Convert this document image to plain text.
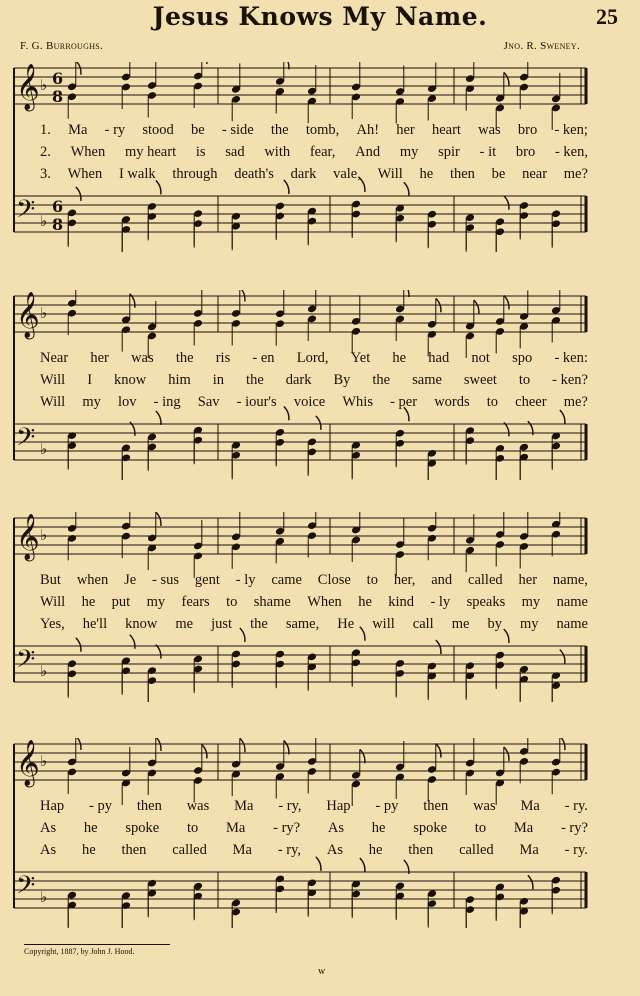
Jesus Knows My Name.	25
F. G. Burroughs.	Jno. R. Sweney.
𝄞 ♭ 6
8
𝄢 ♭
6
8
1. Ma - ry stood be - side the tomb, Ah! her heart was bro - ken;
2. When my heart is sad with fear, And my spir - it bro - ken,
3. When I walk through death's dark vale, Will he then be near me?
𝄞 ♭
𝄢 ♭
Near her was the ris - en Lord, Yet he had not spo - ken:
Will I know him in the dark By the same sweet to - ken?
Will my lov - ing Sav - iour's voice Whis - per words to cheer me?
𝄞 ♭
𝄢 ♭
But when Je - sus gent - ly came Close to her, and called her name,
Will he put my fears to shame When he kind - ly speaks my name
Yes, he'll know me just the same, He will call me by my name
𝄞 ♭
𝄢 ♭
Hap - py then was Ma - ry, Hap - py then was Ma - ry.
As he spoke to Ma - ry? As he spoke to Ma - ry?
As he then called Ma - ry, As he then called Ma - ry.
Copyright, 1887, by John J. Hood.
w
